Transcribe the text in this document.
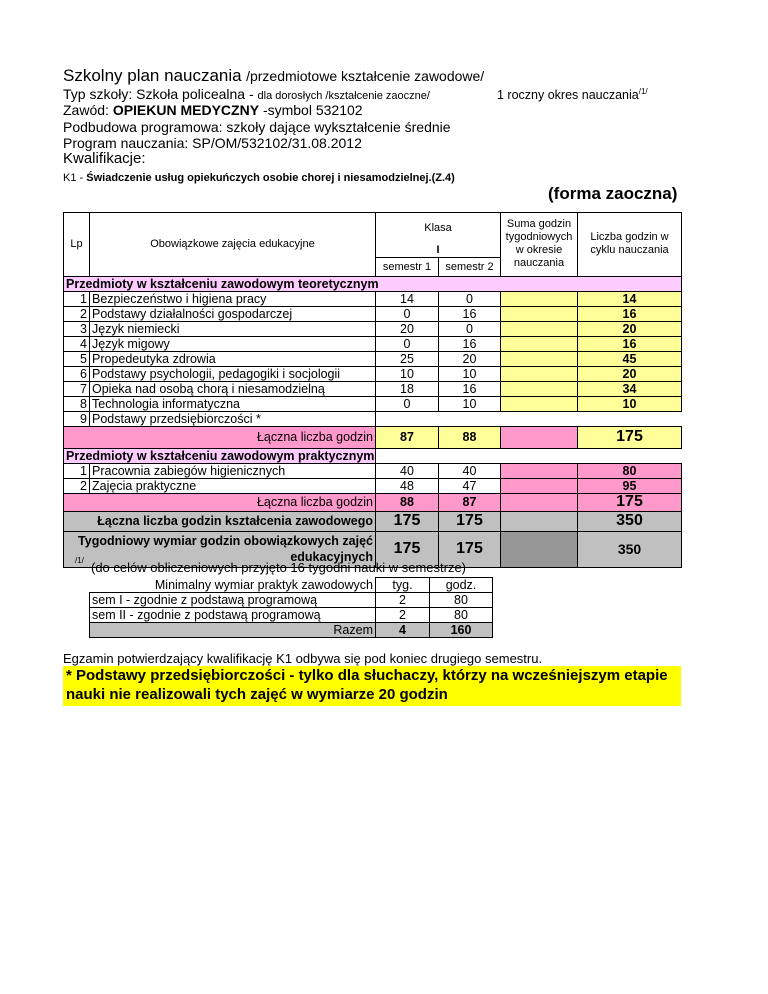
Szkolny plan nauczania /przedmiotowe kształcenie zawodowe/
Typ szkoły: Szkoła policealna - dla dorosłych /kształcenie zaoczne/	1 roczny okres nauczania$^{/1/}$
Zawód: OPIEKUN MEDYCZNY -symbol 532102
Podbudowa programowa: szkoły dające wykształcenie średnie
Program nauczania: SP/OM/532102/31.08.2012
Kwalifikacje:
K1 - Świadczenie usług opiekuńczych osobie chorej i niesamodzielnej.(Z.4)
(forma zaoczna)
Lp	Obowiązkowe zajęcia edukacyjne	Klasa		Suma godzin tygodniowych w okresie nauczania	Liczba godzin w cyklu nauczania
		I			
		semestr 1	semestr 2		
Przedmioty w kształceniu zawodowym teoretycznym					
1	Bezpieczeństwo i higiena pracy	14	0		14
2	Podstawy działalności gospodarczej	0	16		16
3	Język niemiecki	20	0		20
4	Język migowy	0	16		16
5	Propedeutyka zdrowia	25	20		45
6	Podstawy psychologii, pedagogiki i socjologii	10	10		20
7	Opieka nad osobą chorą i niesamodzielną	18	16		34
8	Technologia informatyczna	0	10		10
9	Podstawy przedsiębiorczości *				
	Łączna liczba godzin	87	88		175
Przedmioty w kształceniu zawodowym praktycznym					
1	Pracownia zabiegów higienicznych	40	40		80
2	Zajęcia praktyczne	48	47		95
	Łączna liczba godzin	88	87		175
Łączna liczba godzin kształcenia zawodowego		175	175		350

Tygodniowy wymiar godzin obowiązkowych zajęć
edukacyjnych		175	175		350
/1/ (do celów obliczeniowych przyjęto 16 tygodni nauki w semestrze)
Minimalny wymiar praktyk zawodowych	tyg.	godz.
sem I - zgodnie z podstawą programową	2	80
sem II - zgodnie z podstawą programową	2	80
Razem	4	160
Egzamin potwierdzający kwalifikację K1 odbywa się pod koniec drugiego semestru.
* Podstawy przedsiębiorczości - tylko dla słuchaczy, którzy na wcześniejszym etapie
nauki nie realizowali tych zajęć w wymiarze 20 godzin
